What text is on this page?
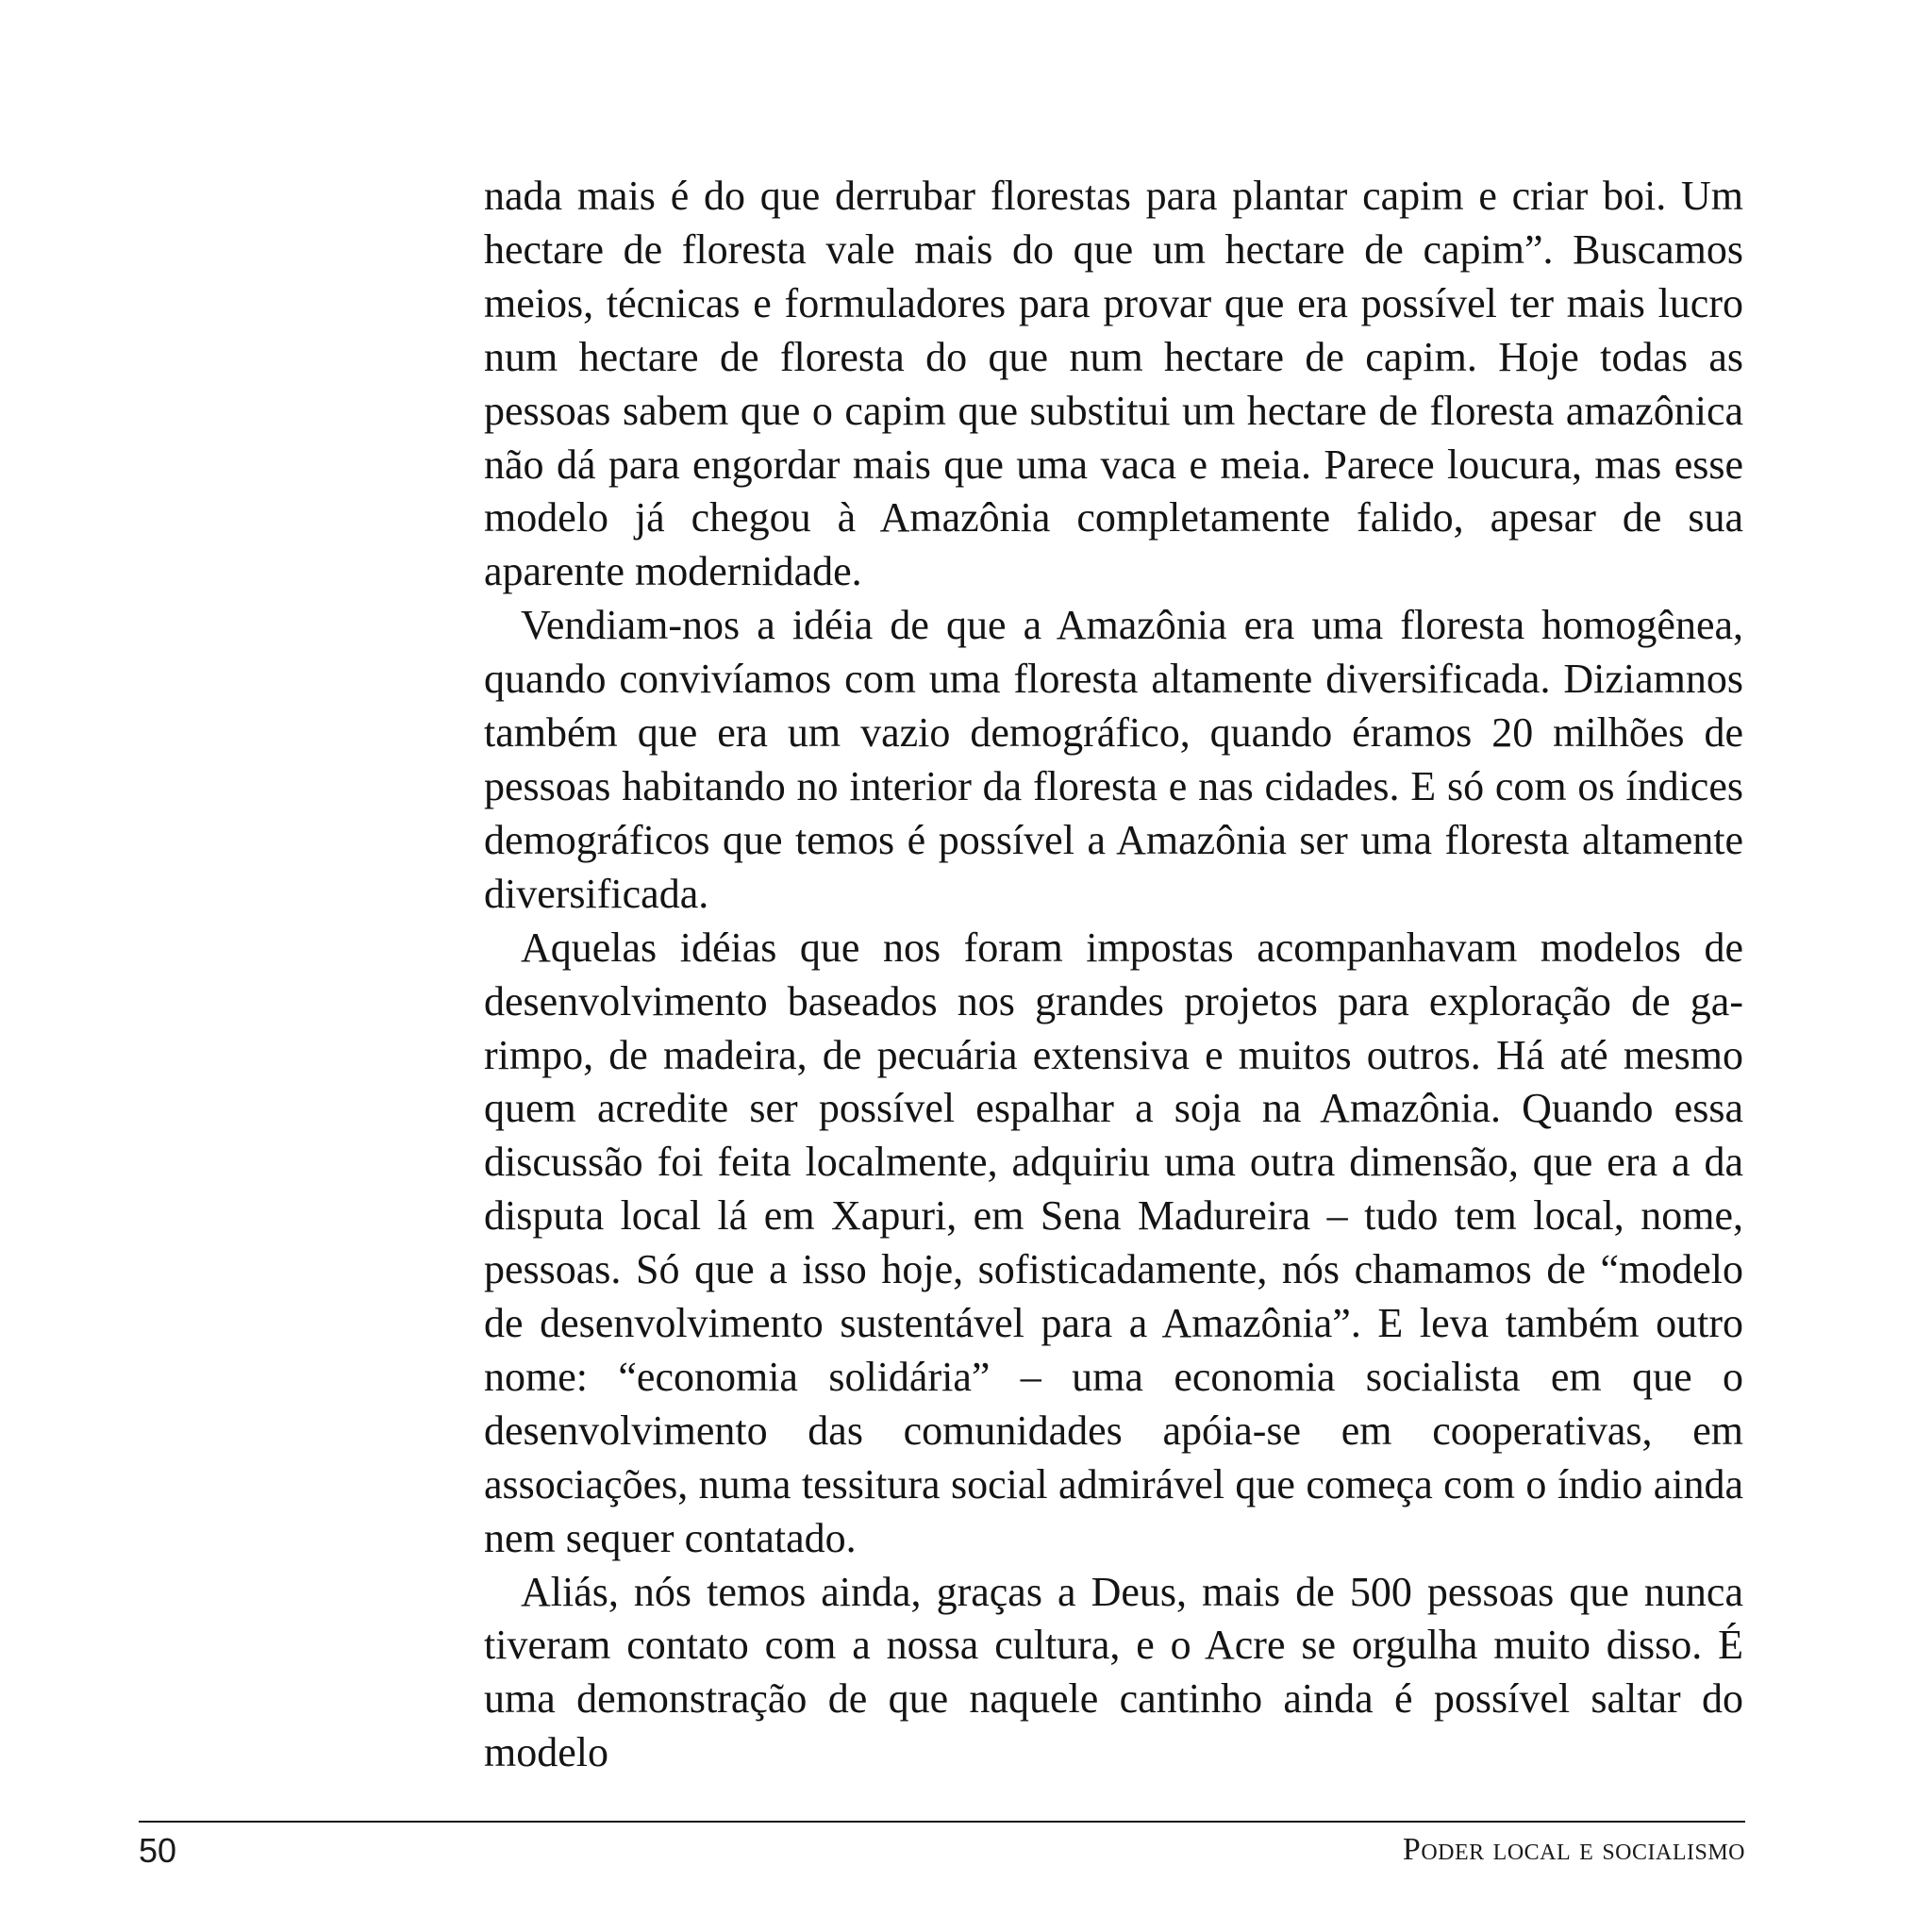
nada mais é do que derrubar florestas para plantar capim e criar boi. Um hectare de floresta vale mais do que um hectare de capim”. Buscamos meios, técnicas e formuladores para provar que era possível ter mais lucro num hectare de floresta do que num hectare de capim. Hoje todas as pessoas sabem que o capim que substitui um hectare de floresta amazônica não dá para engordar mais que uma vaca e meia. Parece loucura, mas esse modelo já chegou à Amazônia completamente falido, apesar de sua aparente modernidade.

Vendiam-nos a idéia de que a Amazônia era uma floresta homogênea, quando convivíamos com uma floresta altamente diversificada. Diziamnos também que era um vazio demográfico, quando éramos 20 milhões de pessoas habitando no interior da floresta e nas cidades. E só com os índices demográficos que temos é possível a Amazônia ser uma floresta altamente diversificada.

Aquelas idéias que nos foram impostas acompanhavam modelos de desenvolvimento baseados nos grandes projetos para exploração de garimpo, de madeira, de pecuária extensiva e muitos outros. Há até mesmo quem acredite ser possível espalhar a soja na Amazônia. Quando essa discussão foi feita localmente, adquiriu uma outra dimensão, que era a da disputa local lá em Xapuri, em Sena Madureira – tudo tem local, nome, pessoas. Só que a isso hoje, sofisticadamente, nós chamamos de “modelo de desenvolvimento sustentável para a Amazônia”. E leva também outro nome: “economia solidária” – uma economia socialista em que o desenvolvimento das comunidades apóia-se em cooperativas, em associações, numa tessitura social admirável que começa com o índio ainda nem sequer contatado.

Aliás, nós temos ainda, graças a Deus, mais de 500 pessoas que nunca tiveram contato com a nossa cultura, e o Acre se orgulha muito disso. É uma demonstração de que naquele cantinho ainda é possível saltar do modelo

50	Poder local e socialismo
